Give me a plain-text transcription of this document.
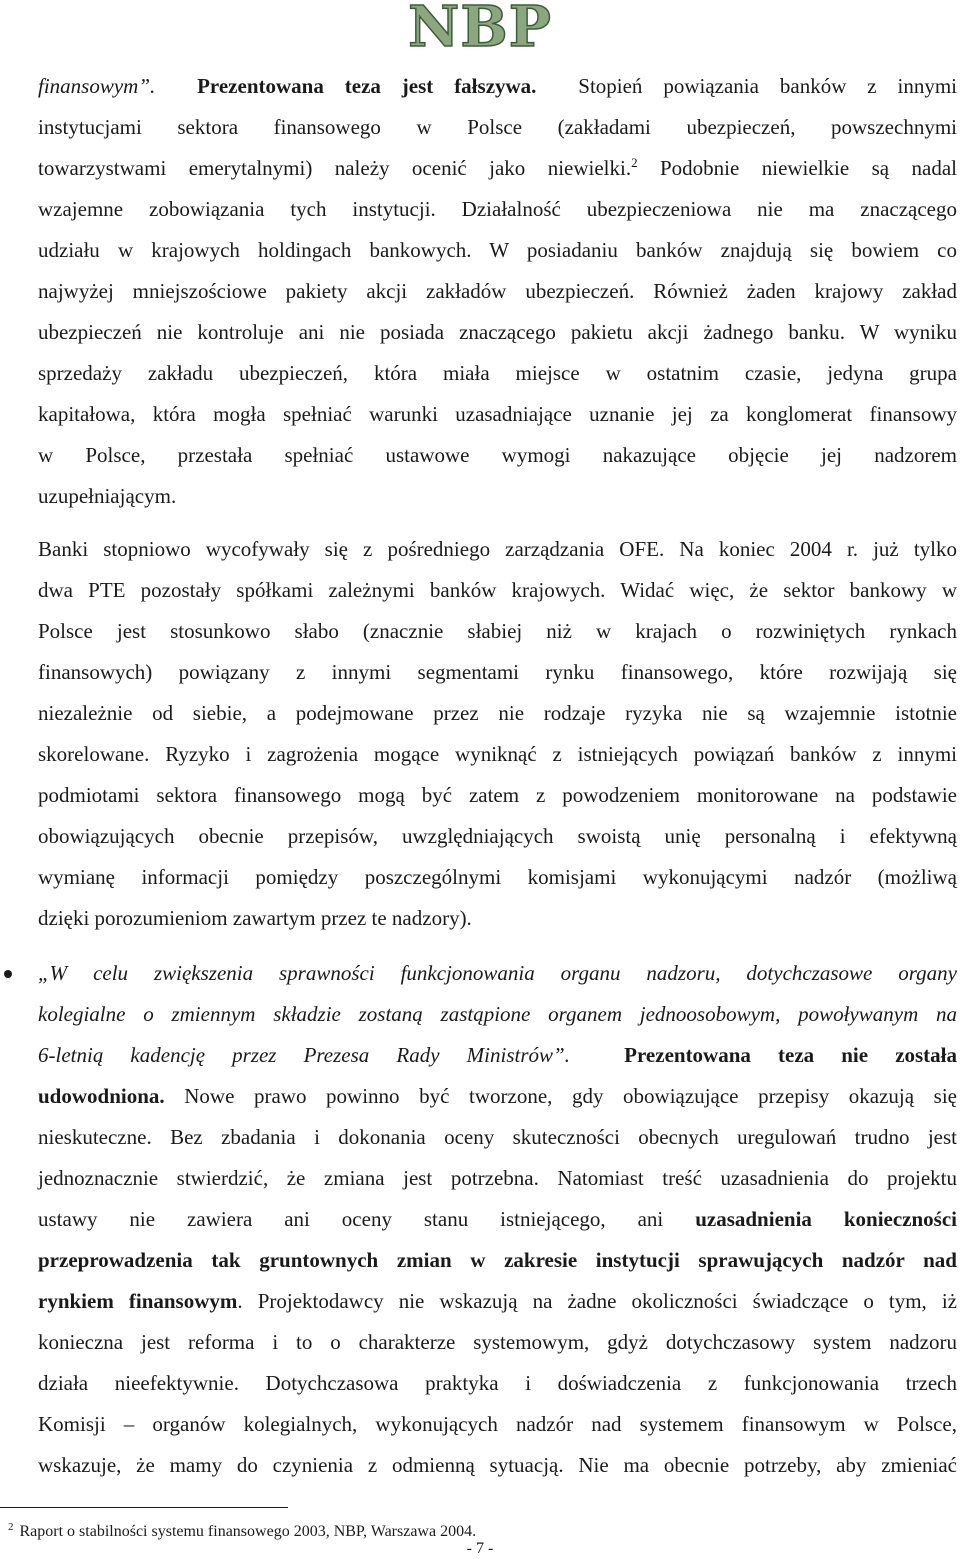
NBP
finansowym”. Prezentowana teza jest fałszywa. Stopień powiązania banków z innymi
instytucjami sektora finansowego w Polsce (zakładami ubezpieczeń, powszechnymi
towarzystwami emerytalnymi) należy ocenić jako niewielki.$^2$ Podobnie niewielkie są nadal
wzajemne zobowiązania tych instytucji. Działalność ubezpieczeniowa nie ma znaczącego
udziału w krajowych holdingach bankowych. W posiadaniu banków znajdują się bowiem co
najwyżej mniejszościowe pakiety akcji zakładów ubezpieczeń. Również żaden krajowy zakład
ubezpieczeń nie kontroluje ani nie posiada znaczącego pakietu akcji żadnego banku. W wyniku
sprzedaży zakładu ubezpieczeń, która miała miejsce w ostatnim czasie, jedyna grupa
kapitałowa, która mogła spełniać warunki uzasadniające uznanie jej za konglomerat finansowy
w Polsce, przestała spełniać ustawowe wymogi nakazujące objęcie jej nadzorem
uzupełniającym.
Banki stopniowo wycofywały się z pośredniego zarządzania OFE. Na koniec 2004 r. już tylko
dwa PTE pozostały spółkami zależnymi banków krajowych. Widać więc, że sektor bankowy w
Polsce jest stosunkowo słabo (znacznie słabiej niż w krajach o rozwiniętych rynkach
finansowych) powiązany z innymi segmentami rynku finansowego, które rozwijają się
niezależnie od siebie, a podejmowane przez nie rodzaje ryzyka nie są wzajemnie istotnie
skorelowane. Ryzyko i zagrożenia mogące wyniknąć z istniejących powiązań banków z innymi
podmiotami sektora finansowego mogą być zatem z powodzeniem monitorowane na podstawie
obowiązujących obecnie przepisów, uwzględniających swoistą unię personalną i efektywną
wymianę informacji pomiędzy poszczególnymi komisjami wykonującymi nadzór (możliwą
dzięki porozumieniom zawartym przez te nadzory).
„W celu zwiększenia sprawności funkcjonowania organu nadzoru, dotychczasowe organy
kolegialne o zmiennym składzie zostaną zastąpione organem jednoosobowym, powoływanym na
6-letnią kadencję przez Prezesa Rady Ministrów”.	Prezentowana teza nie została
udowodniona. Nowe prawo powinno być tworzone, gdy obowiązujące przepisy okazują się
nieskuteczne. Bez zbadania i dokonania oceny skuteczności obecnych uregulowań trudno jest
jednoznacznie stwierdzić, że zmiana jest potrzebna. Natomiast treść uzasadnienia do projektu
ustawy nie zawiera ani oceny stanu istniejącego, ani uzasadnienia konieczności
przeprowadzenia tak gruntownych zmian w zakresie instytucji sprawujących nadzór nad
rynkiem finansowym. Projektodawcy nie wskazują na żadne okoliczności świadczące o tym, iż
konieczna jest reforma i to o charakterze systemowym, gdyż dotychczasowy system nadzoru
działa nieefektywnie. Dotychczasowa praktyka i doświadczenia z funkcjonowania trzech
Komisji – organów kolegialnych, wykonujących nadzór nad systemem finansowym w Polsce,
wskazuje, że mamy do czynienia z odmienną sytuacją. Nie ma obecnie potrzeby, aby zmieniać
$^2$ Raport o stabilności systemu finansowego 2003, NBP, Warszawa 2004.
- 7 -
